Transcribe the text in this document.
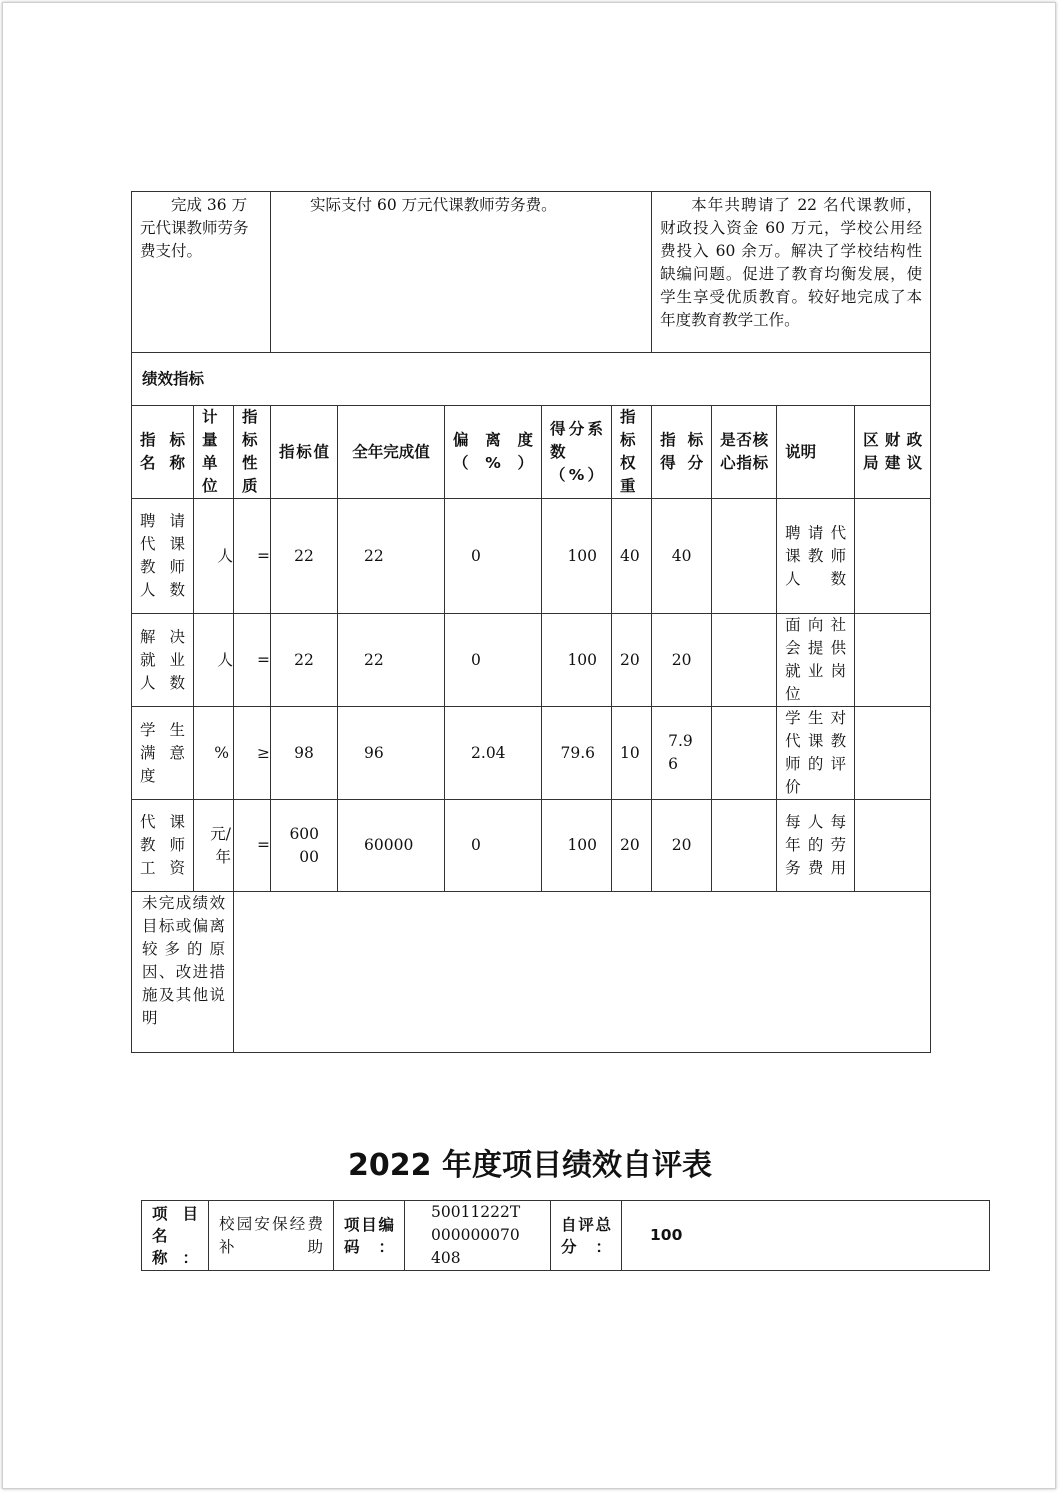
完成 36 万元代课教师劳务费支付。			实际支付 60 万元代课教师劳务费。					本年共聘请了 22 名代课教师，财政投入资金 60 万元，学校公用经费投入 60 余万。解决了学校结构性缺编问题。促进了教育均衡发展，使学生享受优质教育。较好地完成了本年度教育教学工作。			

绩效指标											
指标名称	计量单位	指标性质	指标值	全年完成值	偏离度（%）	得分系数（%）	指标权重	指标得分	是否核心指标	说明	区财政局建议
聘请代课教师人数	人	=	22	22	0	100	40	40		聘请代课教师人数	
解决就业人数	人	=	22	22	0	100	20	20		面向社会提供就业岗位	
学生满意度	%	≥	98	96	2.04	79.6	10	7.96		学生对代课教师的评价	
代课教师工资	元/年	=	60000	60000	0	100	20	20		每人每年的劳务费用	
未完成绩效目标或偏离较多的原因、改进措施及其他说明											
2022 年度项目绩效自评表
项目名称：	校园安保经费补助	项目编码：	50011222T000000070408	自评总分：	100
